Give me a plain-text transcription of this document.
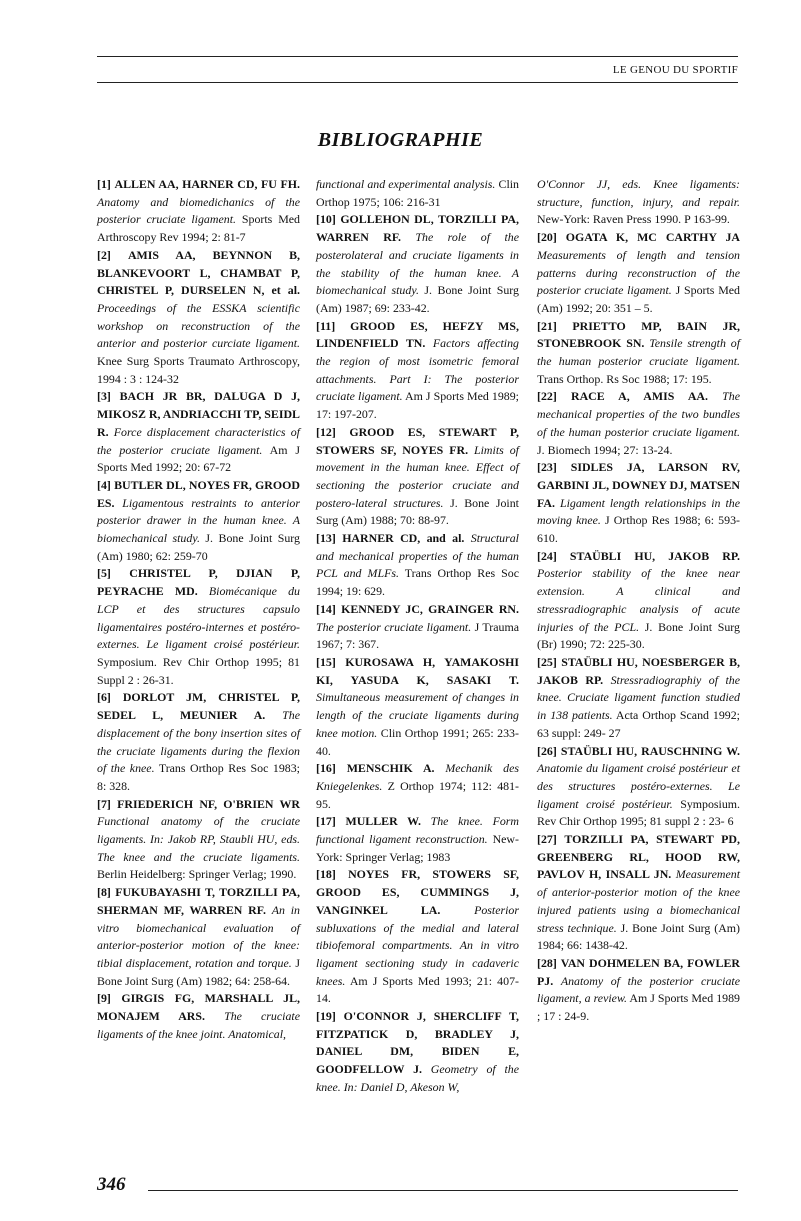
LE GENOU DU SPORTIF
BIBLIOGRAPHIE

[1] ALLEN AA, HARNER CD, FU FH. Anatomy and biomedichanics of the posterior cruciate ligament. Sports Med Arthroscopy Rev 1994; 2: 81-7

[2] AMIS AA, BEYNNON B, BLANKEVOORT L, CHAMBAT P, CHRISTEL P, DURSELEN N, et al. Proceedings of the ESSKA scientific workshop on reconstruction of the anterior and posterior curciate ligament. Knee Surg Sports Traumato Arthroscopy, 1994 : 3 : 124-32

[3] BACH JR BR, DALUGA D J, MIKOSZ R, ANDRIACCHI TP, SEIDL R. Force displacement characteristics of the posterior cruciate ligament. Am J Sports Med 1992; 20: 67-72

[4] BUTLER DL, NOYES FR, GROOD ES. Ligamentous restraints to anterior posterior drawer in the human knee. A biomechanical study. J. Bone Joint Surg (Am) 1980; 62: 259-70

[5] CHRISTEL P, DJIAN P, PEYRACHE MD. Biomécanique du LCP et des structures capsulo ligamentaires postéro-internes et postéro-externes. Le ligament croisé postérieur. Symposium. Rev Chir Orthop 1995; 81 Suppl 2 : 26-31.

[6] DORLOT JM, CHRISTEL P, SEDEL L, MEUNIER A. The displacement of the bony insertion sites of the cruciate ligaments during the flexion of the knee. Trans Orthop Res Soc 1983; 8: 328.

[7] FRIEDERICH NF, O'BRIEN WR Functional anatomy of the cruciate ligaments. In: Jakob RP, Staubli HU, eds. The knee and the cruciate ligaments. Berlin Heidelberg: Springer Verlag; 1990.

[8] FUKUBAYASHI T, TORZILLI PA, SHERMAN MF, WARREN RF. An in vitro biomechanical evaluation of anterior-posterior motion of the knee: tibial displacement, rotation and torque. J Bone Joint Surg (Am) 1982; 64: 258-64.

[9] GIRGIS FG, MARSHALL JL, MONAJEM ARS. The cruciate ligaments of the knee joint. Anatomical,

functional and experimental analysis. Clin Orthop 1975; 106: 216-31

[10] GOLLEHON DL, TORZILLI PA, WARREN RF. The role of the posterolateral and cruciate ligaments in the stability of the human knee. A biomechanical study. J. Bone Joint Surg (Am) 1987; 69: 233-42.

[11] GROOD ES, HEFZY MS, LINDENFIELD TN. Factors affecting the region of most isometric femoral attachments. Part I: The posterior cruciate ligament. Am J Sports Med 1989; 17: 197-207.

[12] GROOD ES, STEWART P, STOWERS SF, NOYES FR. Limits of movement in the human knee. Effect of sectioning the posterior cruciate and postero-lateral structures. J. Bone Joint Surg (Am) 1988; 70: 88-97.

[13] HARNER CD, and al. Structural and mechanical properties of the human PCL and MLFs. Trans Orthop Res Soc 1994; 19: 629.

[14] KENNEDY JC, GRAINGER RN. The posterior cruciate ligament. J Trauma 1967; 7: 367.

[15] KUROSAWA H, YAMAKOSHI KI, YASUDA K, SASAKI T. Simultaneous measurement of changes in length of the cruciate ligaments during knee motion. Clin Orthop 1991; 265: 233-40.

[16] MENSCHIK A. Mechanik des Kniegelenkes. Z Orthop 1974; 112: 481-95.

[17] MULLER W. The knee. Form functional ligament reconstruction. New-York: Springer Verlag; 1983

[18] NOYES FR, STOWERS SF, GROOD ES, CUMMINGS J, VANGINKEL LA.	Posterior subluxations of the medial and lateral tibiofemoral compartments. An in vitro ligament sectioning study in cadaveric knees. Am J Sports Med 1993; 21: 407-14.

[19] O'CONNOR J, SHERCLIFF T, FITZPATICK D, BRADLEY J, DANIEL DM, BIDEN E, GOODFELLOW J. Geometry of the knee. In: Daniel D, Akeson W,

O'Connor JJ, eds. Knee ligaments: structure, function, injury, and repair. New-York: Raven Press 1990. P 163-99.

[20] OGATA K, MC CARTHY JA Measurements of length and tension patterns during reconstruction of the posterior cruciate ligament. J Sports Med (Am) 1992; 20: 351 – 5.

[21] PRIETTO MP, BAIN JR, STONEBROOK SN. Tensile strength of the human posterior cruciate ligament. Trans Orthop. Rs Soc 1988; 17: 195.

[22] RACE A, AMIS AA. The mechanical properties of the two bundles of the human posterior cruciate ligament. J. Biomech 1994; 27: 13-24.

[23] SIDLES JA, LARSON RV, GARBINI JL, DOWNEY DJ, MATSEN FA. Ligament length relationships in the moving knee. J Orthop Res 1988; 6: 593-610.

[24] STAÜBLI HU, JAKOB RP. Posterior stability of the knee near extension. A clinical and stressradiographic analysis of acute injuries of the PCL. J. Bone Joint Surg (Br) 1990; 72: 225-30.

[25] STAÜBLI HU, NOESBERGER B, JAKOB RP. Stressradiographiy of the knee. Cruciate ligament function studied in 138 patients. Acta Orthop Scand 1992; 63 suppl: 249- 27

[26] STAÜBLI HU, RAUSCHNING W. Anatomie du ligament croisé postérieur et des structures postéro-externes. Le ligament croisé postérieur. Symposium. Rev Chir Orthop 1995; 81 suppl 2 : 23- 6

[27] TORZILLI PA, STEWART PD, GREENBERG RL, HOOD RW, PAVLOV H, INSALL JN. Measurement of anterior-posterior motion of the knee injured patients using a biomechanical stress technique. J. Bone Joint Surg (Am) 1984; 66: 1438-42.

[28] VAN DOHMELEN BA, FOWLER PJ. Anatomy of the posterior cruciate ligament, a review. Am J Sports Med 1989 ; 17 : 24-9.

346
